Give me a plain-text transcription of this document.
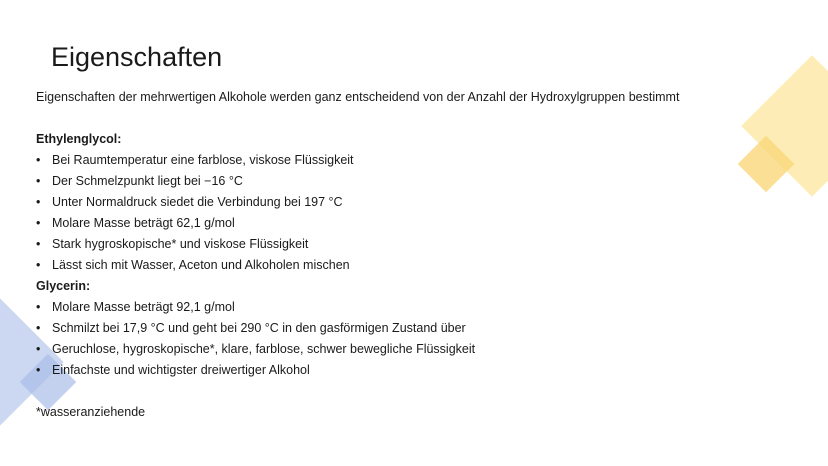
Eigenschaften
Eigenschaften der mehrwertigen Alkohole werden ganz entscheidend von der Anzahl der Hydroxylgruppen bestimmt
Ethylenglycol:
• Bei Raumtemperatur eine farblose, viskose Flüssigkeit
• Der Schmelzpunkt liegt bei −16 °C
• Unter Normaldruck siedet die Verbindung bei 197 °C
• Molare Masse beträgt 62,1 g/mol
• Stark hygroskopische* und viskose Flüssigkeit
• Lässt sich mit Wasser, Aceton und Alkoholen mischen
Glycerin:
• Molare Masse beträgt 92,1 g/mol
• Schmilzt bei 17,9 °C und geht bei 290 °C in den gasförmigen Zustand über
• Geruchlose, hygroskopische*, klare, farblose, schwer bewegliche Flüssigkeit
• Einfachste und wichtigster dreiwertiger Alkohol
*wasseranziehende
